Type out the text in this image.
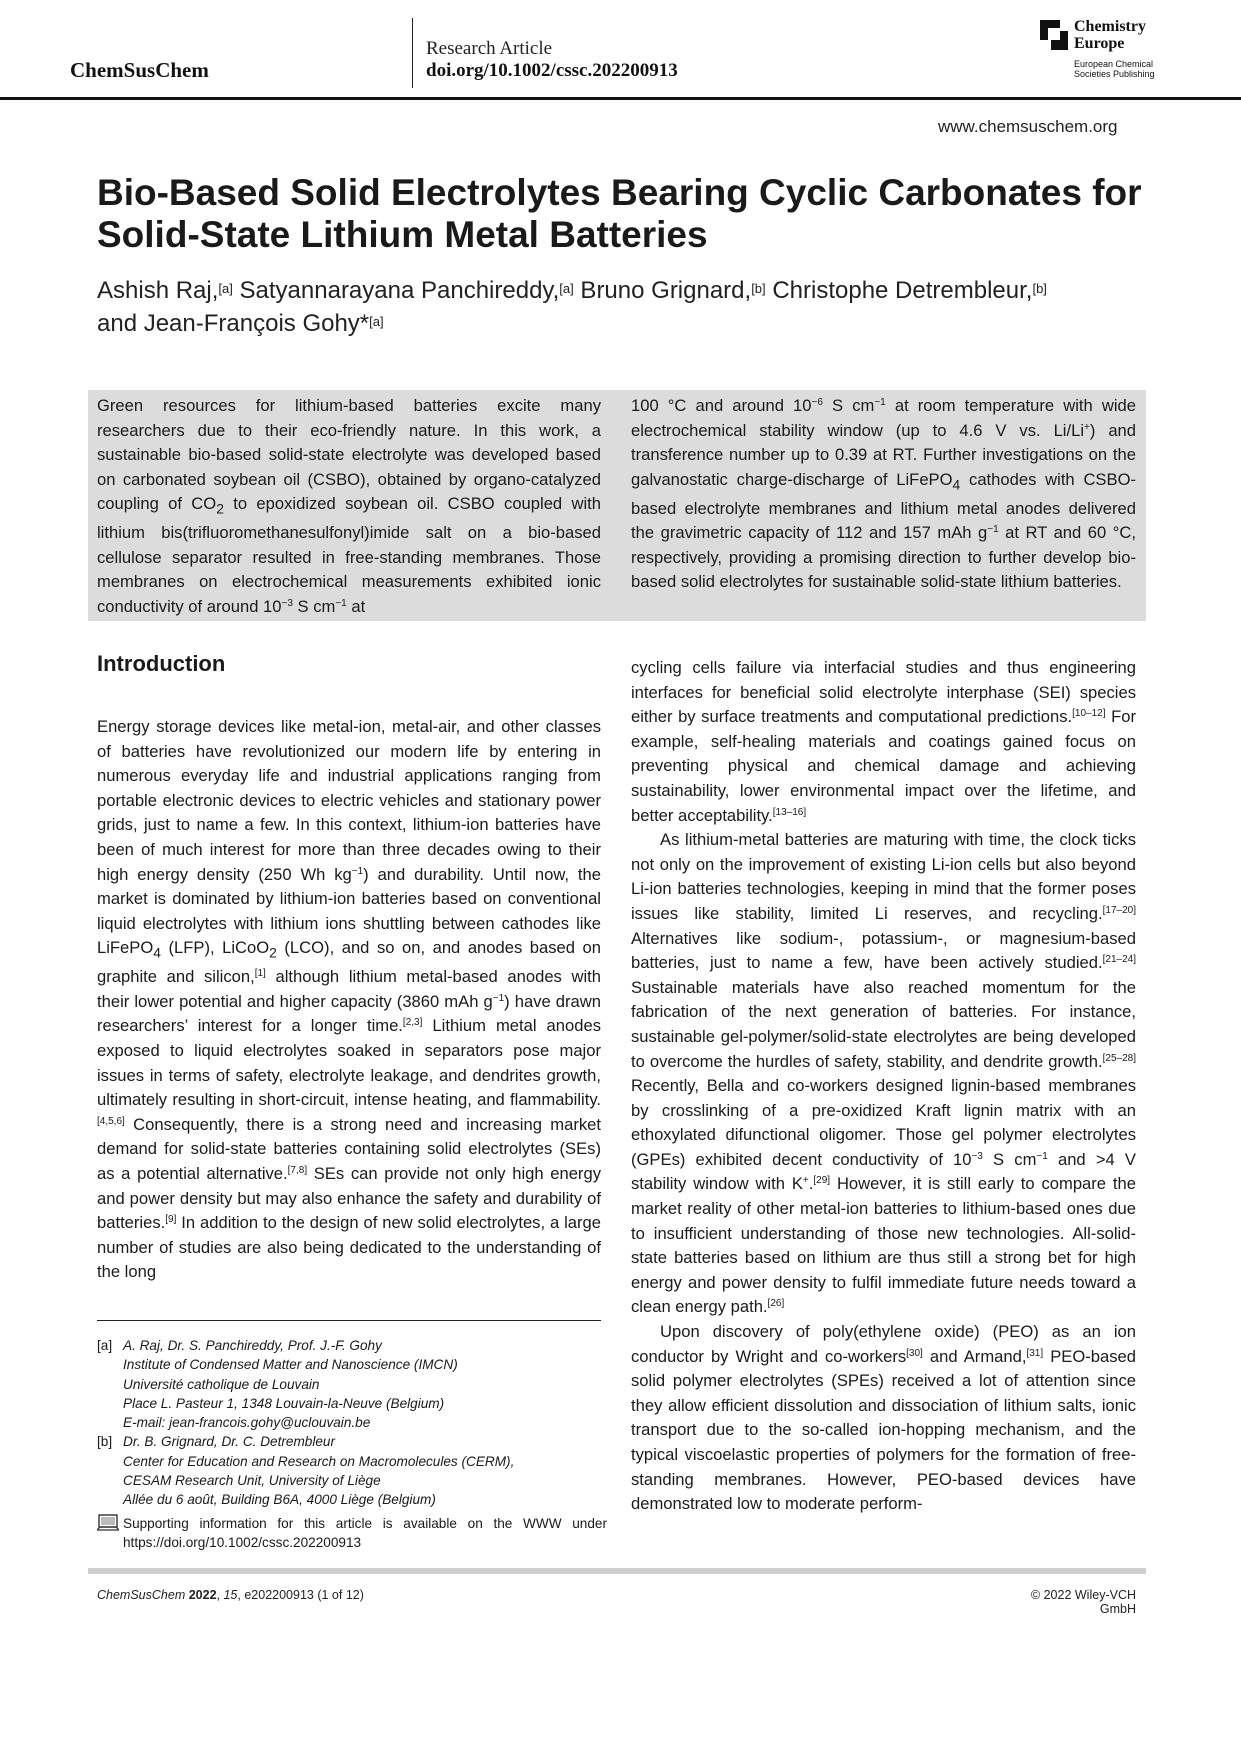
ChemSusChem
Research Article
doi.org/10.1002/cssc.202200913
Chemistry
Europe
European Chemical
Societies Publishing
www.chemsuschem.org
Bio-Based Solid Electrolytes Bearing Cyclic Carbonates for Solid-State Lithium Metal Batteries
Ashish Raj,[a] Satyannarayana Panchireddy,[a] Bruno Grignard,[b] Christophe Detrembleur,[b]
and Jean-François Gohy*[a]

Green resources for lithium-based batteries excite many researchers due to their eco-friendly nature. In this work, a sustainable bio-based solid-state electrolyte was developed based on carbonated soybean oil (CSBO), obtained by organo-catalyzed coupling of $CO_2$ to epoxidized soybean oil. CSBO coupled with lithium bis(trifluoromethanesulfonyl)imide salt on a bio-based cellulose separator resulted in free-standing membranes. Those membranes on electrochemical measurements exhibited ionic conductivity of around $10^{-3}$ S $cm^{-1}$ at

100 °C and around $10^{-6}$ S $cm^{-1}$ at room temperature with wide electrochemical stability window (up to 4.6 V vs. Li/Li+) and transference number up to 0.39 at RT. Further investigations on the galvanostatic charge-discharge of LiFePO$_4$ cathodes with CSBO-based electrolyte membranes and lithium metal anodes delivered the gravimetric capacity of 112 and 157 mAh $g^{-1}$ at RT and 60 °C, respectively, providing a promising direction to further develop bio-based solid electrolytes for sustainable solid-state lithium batteries.

Introduction

Energy storage devices like metal-ion, metal-air, and other classes of batteries have revolutionized our modern life by entering in numerous everyday life and industrial applications ranging from portable electronic devices to electric vehicles and stationary power grids, just to name a few. In this context, lithium-ion batteries have been of much interest for more than three decades owing to their high energy density (250 Wh $kg^{-1}$) and durability. Until now, the market is dominated by lithium-ion batteries based on conventional liquid electrolytes with lithium ions shuttling between cathodes like LiFePO$_4$ (LFP), LiCoO$_2$ (LCO), and so on, and anodes based on graphite and silicon,[1] although lithium metal-based anodes with their lower potential and higher capacity (3860 mAh $g^{-1}$) have drawn researchers’ interest for a longer time.[2,3] Lithium metal anodes exposed to liquid electrolytes soaked in separators pose major issues in terms of safety, electrolyte leakage, and dendrites growth, ultimately resulting in short-circuit, intense heating, and flammability.[4,5,6] Consequently, there is a strong need and increasing market demand for solid-state batteries containing solid electrolytes (SEs) as a potential alternative.[7,8] SEs can provide not only high energy and power density but may also enhance the safety and durability of batteries.[9] In addition to the design of new solid electrolytes, a large number of studies are also being dedicated to the understanding of the long

cycling cells failure via interfacial studies and thus engineering interfaces for beneficial solid electrolyte interphase (SEI) species either by surface treatments and computational predictions.[10–12] For example, self-healing materials and coatings gained focus on preventing physical and chemical damage and achieving sustainability, lower environmental impact over the lifetime, and better acceptability.[13–16]

As lithium-metal batteries are maturing with time, the clock ticks not only on the improvement of existing Li-ion cells but also beyond Li-ion batteries technologies, keeping in mind that the former poses issues like stability, limited Li reserves, and recycling.[17–20] Alternatives like sodium-, potassium-, or magnesium-based batteries, just to name a few, have been actively studied.[21–24] Sustainable materials have also reached momentum for the fabrication of the next generation of batteries. For instance, sustainable gel-polymer/solid-state electrolytes are being developed to overcome the hurdles of safety, stability, and dendrite growth.[25–28] Recently, Bella and co-workers designed lignin-based membranes by crosslinking of a pre-oxidized Kraft lignin matrix with an ethoxylated difunctional oligomer. Those gel polymer electrolytes (GPEs) exhibited decent conductivity of $10^{-3}$ S $cm^{-1}$ and >4 V stability window with K+.[29] However, it is still early to compare the market reality of other metal-ion batteries to lithium-based ones due to insufficient understanding of those new technologies. All-solid-state batteries based on lithium are thus still a strong bet for high energy and power density to fulfil immediate future needs toward a clean energy path.[26]

Upon discovery of poly(ethylene oxide) (PEO) as an ion conductor by Wright and co-workers[30] and Armand,[31] PEO-based solid polymer electrolytes (SPEs) received a lot of attention since they allow efficient dissolution and dissociation of lithium salts, ionic transport due to the so-called ion-hopping mechanism, and the typical viscoelastic properties of polymers for the formation of free-standing membranes. However, PEO-based devices have demonstrated low to moderate perform-

[a] A. Raj, Dr. S. Panchireddy, Prof. J.-F. Gohy
Institute of Condensed Matter and Nanoscience (IMCN)
Université catholique de Louvain
Place L. Pasteur 1, 1348 Louvain-la-Neuve (Belgium)
E-mail: jean-francois.gohy@uclouvain.be
[b] Dr. B. Grignard, Dr. C. Detrembleur
Center for Education and Research on Macromolecules (CERM),
CESAM Research Unit, University of Liège
Allée du 6 août, Building B6A, 4000 Liège (Belgium)
Supporting information for this article is available on the WWW under https://doi.org/10.1002/cssc.202200913
ChemSusChem 2022, 15, e202200913 (1 of 12)	© 2022 Wiley-VCH GmbH
